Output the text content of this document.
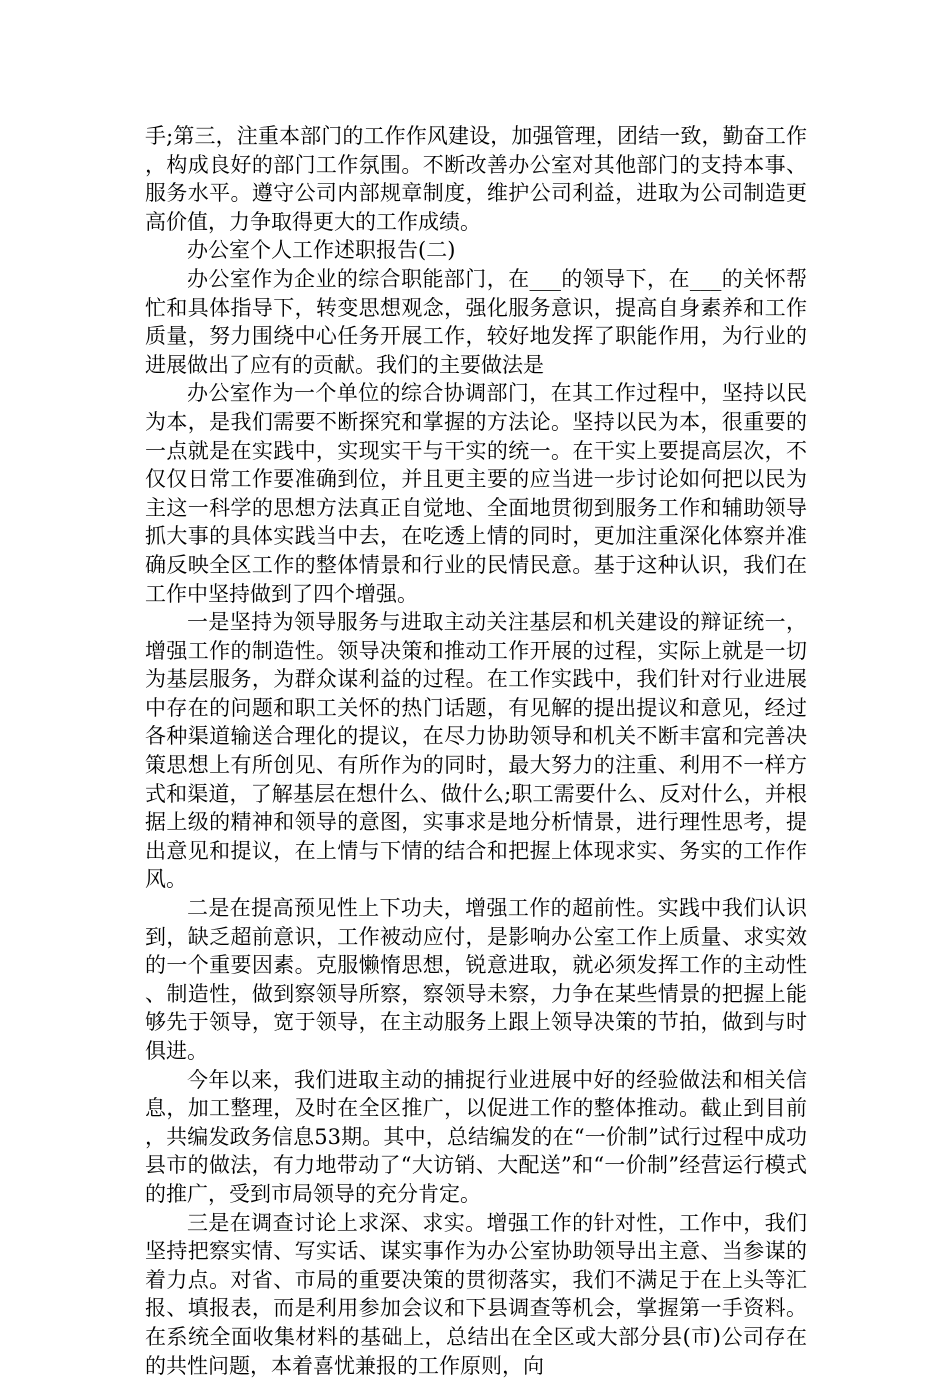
手;第三，注重本部门的工作作风建设，加强管理，团结一致，勤奋工作，构成良好的部门工作氛围。不断改善办公室对其他部门的支持本事、服务水平。遵守公司内部规章制度，维护公司利益，进取为公司制造更高价值，力争取得更大的工作成绩。

办公室个人工作述职报告(二)

办公室作为企业的综合职能部门，在___的领导下，在___的关怀帮忙和具体指导下，转变思想观念，强化服务意识，提高自身素养和工作质量，努力围绕中心任务开展工作，较好地发挥了职能作用，为行业的进展做出了应有的贡献。我们的主要做法是

办公室作为一个单位的综合协调部门，在其工作过程中，坚持以民为本，是我们需要不断探究和掌握的方法论。坚持以民为本，很重要的一点就是在实践中，实现实干与干实的统一。在干实上要提高层次，不仅仅日常工作要准确到位，并且更主要的应当进一步讨论如何把以民为主这一科学的思想方法真正自觉地、全面地贯彻到服务工作和辅助领导抓大事的具体实践当中去，在吃透上情的同时，更加注重深化体察并准确反映全区工作的整体情景和行业的民情民意。基于这种认识，我们在工作中坚持做到了四个增强。

一是坚持为领导服务与进取主动关注基层和机关建设的辩证统一，增强工作的制造性。领导决策和推动工作开展的过程，实际上就是一切为基层服务，为群众谋利益的过程。在工作实践中，我们针对行业进展中存在的问题和职工关怀的热门话题，有见解的提出提议和意见，经过各种渠道输送合理化的提议，在尽力协助领导和机关不断丰富和完善决策思想上有所创见、有所作为的同时，最大努力的注重、利用不一样方式和渠道，了解基层在想什么、做什么;职工需要什么、反对什么，并根据上级的精神和领导的意图，实事求是地分析情景，进行理性思考，提出意见和提议，在上情与下情的结合和把握上体现求实、务实的工作作风。

二是在提高预见性上下功夫，增强工作的超前性。实践中我们认识到，缺乏超前意识，工作被动应付，是影响办公室工作上质量、求实效的一个重要因素。克服懒惰思想，锐意进取，就必须发挥工作的主动性、制造性，做到察领导所察，察领导未察，力争在某些情景的把握上能够先于领导，宽于领导，在主动服务上跟上领导决策的节拍，做到与时俱进。

今年以来，我们进取主动的捕捉行业进展中好的经验做法和相关信息，加工整理，及时在全区推广，以促进工作的整体推动。截止到目前，共编发政务信息53期。其中，总结编发的在“一价制”试行过程中成功县市的做法，有力地带动了“大访销、大配送”和“一价制”经营运行模式的推广，受到市局领导的充分肯定。

三是在调查讨论上求深、求实。增强工作的针对性，工作中，我们坚持把察实情、写实话、谋实事作为办公室协助领导出主意、当参谋的着力点。对省、市局的重要决策的贯彻落实，我们不满足于在上头等汇报、填报表，而是利用参加会议和下县调查等机会，掌握第一手资料。在系统全面收集材料的基础上，总结出在全区或大部分县(市)公司存在的共性问题，本着喜忧兼报的工作原则，向
